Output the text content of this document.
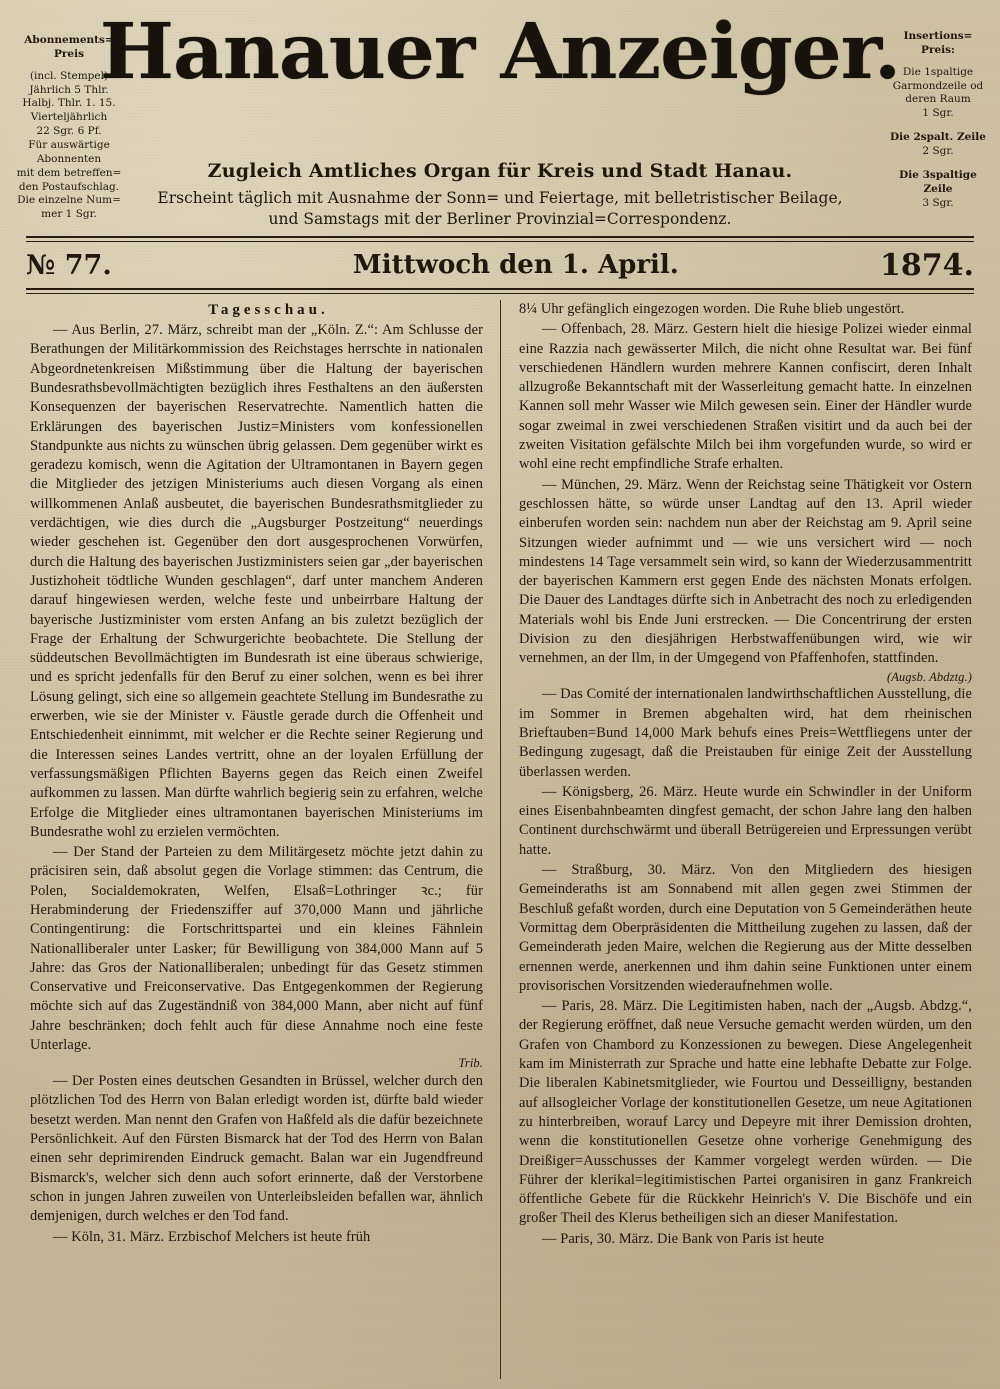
Abonnements=
Preis
(incl. Stempel)
Jährlich 5 Thlr.
Halbj. Thlr. 1. 15.
Vierteljährlich
22 Sgr. 6 Pf.
Für auswärtige
Abonnenten
mit dem betreffen=
den Postaufschlag.
Die einzelne Num=
mer 1 Sgr.
Hanauer Anzeiger. Insertions=
Preis:
Die 1spaltige
Garmondzeile od
deren Raum
1 Sgr.
Die 2spalt. Zeile
2 Sgr.
Die 3spaltige Zeile
3 Sgr.
Zugleich Amtliches Organ für Kreis und Stadt Hanau.
Erscheint täglich mit Ausnahme der Sonn= und Feiertage, mit belletristischer Beilage,
und Samstags mit der Berliner Provinzial=Correspondenz.
№ 77.	Mittwoch den 1. April.	1874.

Tagesschau.

— Aus Berlin, 27. März, schreibt man der „Köln. Z.“: Am Schlusse der Berathungen der Militärkommission des Reichstages herrschte in nationalen Abgeordnetenkreisen Mißstimmung über die Haltung der bayerischen Bundesrathsbevollmächtigten bezüglich ihres Festhaltens an den äußersten Konsequenzen der bayerischen Reservatrechte. Namentlich hatten die Erklärungen des bayerischen Justiz=Ministers vom konfessionellen Standpunkte aus nichts zu wünschen übrig gelassen. Dem gegenüber wirkt es geradezu komisch, wenn die Agitation der Ultramontanen in Bayern gegen die Mitglieder des jetzigen Ministeriums auch diesen Vorgang als einen willkommenen Anlaß ausbeutet, die bayerischen Bundesrathsmitglieder zu verdächtigen, wie dies durch die „Augsburger Postzeitung“ neuerdings wieder geschehen ist. Gegenüber den dort ausgesprochenen Vorwürfen, durch die Haltung des bayerischen Justizministers seien gar „der bayerischen Justizhoheit tödtliche Wunden geschlagen“, darf unter manchem Anderen darauf hingewiesen werden, welche feste und unbeirrbare Haltung der bayerische Justizminister vom ersten Anfang an bis zuletzt bezüglich der Frage der Erhaltung der Schwurgerichte beobachtete. Die Stellung der süddeutschen Bevollmächtigten im Bundesrath ist eine überaus schwierige, und es spricht jedenfalls für den Beruf zu einer solchen, wenn es bei ihrer Lösung gelingt, sich eine so allgemein geachtete Stellung im Bundesrathe zu erwerben, wie sie der Minister v. Fäustle gerade durch die Offenheit und Entschiedenheit einnimmt, mit welcher er die Rechte seiner Regierung und die Interessen seines Landes vertritt, ohne an der loyalen Erfüllung der verfassungsmäßigen Pflichten Bayerns gegen das Reich einen Zweifel aufkommen zu lassen. Man dürfte wahrlich begierig sein zu erfahren, welche Erfolge die Mitglieder eines ultramontanen bayerischen Ministeriums im Bundesrathe wohl zu erzielen vermöchten.

— Der Stand der Parteien zu dem Militärgesetz möchte jetzt dahin zu präcisiren sein, daß absolut gegen die Vorlage stimmen: das Centrum, die Polen, Socialdemokraten, Welfen, Elsaß=Lothringer ꝛc.; für Herabminderung der Friedensziffer auf 370,000 Mann und jährliche Contingentirung: die Fortschrittspartei und ein kleines Fähnlein Nationalliberaler unter Lasker; für Bewilligung von 384,000 Mann auf 5 Jahre: das Gros der Nationalliberalen; unbedingt für das Gesetz stimmen Conservative und Freiconservative. Das Entgegenkommen der Regierung möchte sich auf das Zugeständniß von 384,000 Mann, aber nicht auf fünf Jahre beschränken; doch fehlt auch für diese Annahme noch eine feste Unterlage.

Trib.

— Der Posten eines deutschen Gesandten in Brüssel, welcher durch den plötzlichen Tod des Herrn von Balan erledigt worden ist, dürfte bald wieder besetzt werden. Man nennt den Grafen von Haßfeld als die dafür bezeichnete Persönlichkeit. Auf den Fürsten Bismarck hat der Tod des Herrn von Balan einen sehr deprimirenden Eindruck gemacht. Balan war ein Jugendfreund Bismarck's, welcher sich denn auch sofort erinnerte, daß der Verstorbene schon in jungen Jahren zuweilen von Unterleibsleiden befallen war, ähnlich demjenigen, durch welches er den Tod fand.

— Köln, 31. März. Erzbischof Melchers ist heute früh

8¼ Uhr gefänglich eingezogen worden. Die Ruhe blieb ungestört.

— Offenbach, 28. März. Gestern hielt die hiesige Polizei wieder einmal eine Razzia nach gewässerter Milch, die nicht ohne Resultat war. Bei fünf verschiedenen Händlern wurden mehrere Kannen confiscirt, deren Inhalt allzugroße Bekanntschaft mit der Wasserleitung gemacht hatte. In einzelnen Kannen soll mehr Wasser wie Milch gewesen sein. Einer der Händler wurde sogar zweimal in zwei verschiedenen Straßen visitirt und da auch bei der zweiten Visitation gefälschte Milch bei ihm vorgefunden wurde, so wird er wohl eine recht empfindliche Strafe erhalten.

— München, 29. März. Wenn der Reichstag seine Thätigkeit vor Ostern geschlossen hätte, so würde unser Landtag auf den 13. April wieder einberufen worden sein: nachdem nun aber der Reichstag am 9. April seine Sitzungen wieder aufnimmt und — wie uns versichert wird — noch mindestens 14 Tage versammelt sein wird, so kann der Wiederzusammentritt der bayerischen Kammern erst gegen Ende des nächsten Monats erfolgen. Die Dauer des Landtages dürfte sich in Anbetracht des noch zu erledigenden Materials wohl bis Ende Juni erstrecken. — Die Concentrirung der ersten Division zu den diesjährigen Herbstwaffenübungen wird, wie wir vernehmen, an der Ilm, in der Umgegend von Pfaffenhofen, stattfinden.

(Augsb. Abdztg.)

— Das Comité der internationalen landwirthschaftlichen Ausstellung, die im Sommer in Bremen abgehalten wird, hat dem rheinischen Brieftauben=Bund 14,000 Mark behufs eines Preis=Wettfliegens unter der Bedingung zugesagt, daß die Preistauben für einige Zeit der Ausstellung überlassen werden.

— Königsberg, 26. März. Heute wurde ein Schwindler in der Uniform eines Eisenbahnbeamten dingfest gemacht, der schon Jahre lang den halben Continent durchschwärmt und überall Betrügereien und Erpressungen verübt hatte.

— Straßburg, 30. März. Von den Mitgliedern des hiesigen Gemeinderaths ist am Sonnabend mit allen gegen zwei Stimmen der Beschluß gefaßt worden, durch eine Deputation von 5 Gemeinderäthen heute Vormittag dem Oberpräsidenten die Mittheilung zugehen zu lassen, daß der Gemeinderath jeden Maire, welchen die Regierung aus der Mitte desselben ernennen werde, anerkennen und ihm dahin seine Funktionen unter einem provisorischen Vorsitzenden wiederaufnehmen wolle.

— Paris, 28. März. Die Legitimisten haben, nach der „Augsb. Abdzg.“, der Regierung eröffnet, daß neue Versuche gemacht werden würden, um den Grafen von Chambord zu Konzessionen zu bewegen. Diese Angelegenheit kam im Ministerrath zur Sprache und hatte eine lebhafte Debatte zur Folge. Die liberalen Kabinetsmitglieder, wie Fourtou und Desseilligny, bestanden auf allsogleicher Vorlage der konstitutionellen Gesetze, um neue Agitationen zu hinterbreiben, worauf Larcy und Depeyre mit ihrer Demission drohten, wenn die konstitutionellen Gesetze ohne vorherige Genehmigung des Dreißiger=Ausschusses der Kammer vorgelegt werden würden. — Die Führer der klerikal=legitimistischen Partei organisiren in ganz Frankreich öffentliche Gebete für die Rückkehr Heinrich's V. Die Bischöfe und ein großer Theil des Klerus betheiligen sich an dieser Manifestation.

— Paris, 30. März. Die Bank von Paris ist heute
